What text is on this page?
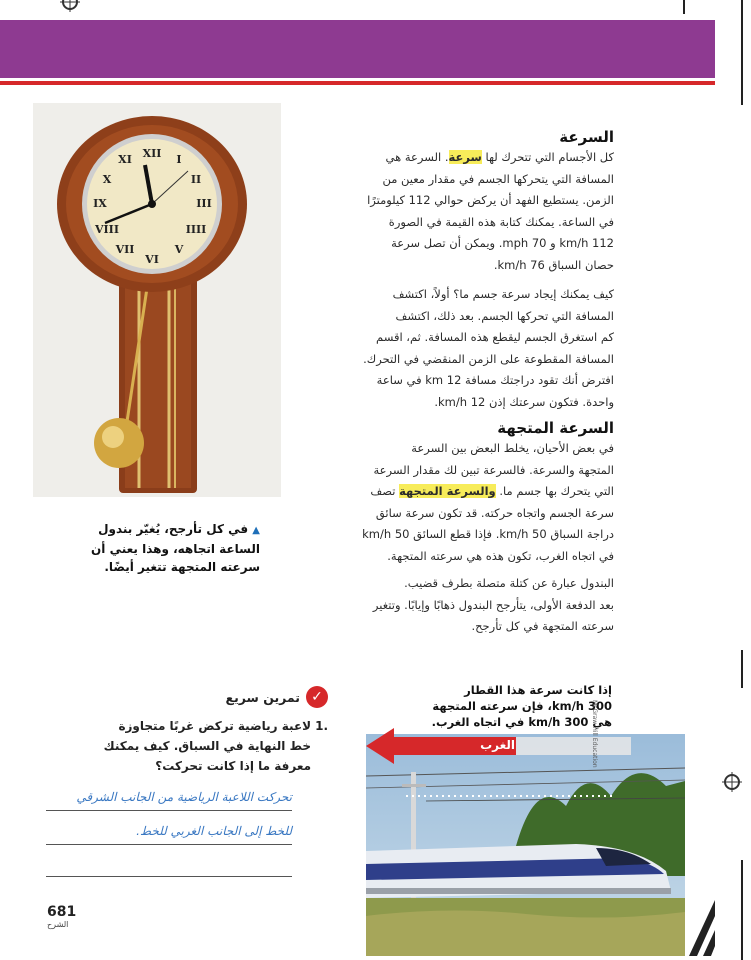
XII I
II
III
IIII
V
VI
VII
VIII
IX
X
XI
▲ في كل تأرجح، يُغيّر بندول
الساعة اتجاهه، وهذا يعني أن
سرعته المتجهة تتغير أيضًا.
السرعة
كل الأجسام التي تتحرك لها سرعة. السرعة هي
المسافة التي يتحركها الجسم في مقدار معين من
الزمن. يستطيع الفهد أن يركض حوالي 112 كيلومترًا
في الساعة. يمكنك كتابة هذه القيمة في الصورة
112 km/h و 70 mph. ويمكن أن تصل سرعة
حصان السباق 76 km/h.
كيف يمكنك إيجاد سرعة جسم ما؟ أولاً، اكتشف
المسافة التي تحركها الجسم. بعد ذلك، اكتشف
كم استغرق الجسم ليقطع هذه المسافة. ثم، اقسم
المسافة المقطوعة على الزمن المنقضي في التحرك.
افترض أنك تقود دراجتك مسافة 12 km في ساعة
واحدة. فتكون سرعتك إذن 12 km/h.
السرعة المتجهة
في بعض الأحيان، يخلط البعض بين السرعة
المتجهة والسرعة. فالسرعة تبين لك مقدار السرعة
التي يتحرك بها جسم ما. والسرعة المتجهة تصف
سرعة الجسم واتجاه حركته. قد تكون سرعة سائق
دراجة السباق 50 km/h. فإذا قطع السائق 50 km/h
في اتجاه الغرب، تكون هذه هي سرعته المتجهة.
البندول عبارة عن كتلة متصلة بطرف قضيب.
بعد الدفعة الأولى، يتأرجح البندول ذهابًا وإيابًا. وتتغير
سرعته المتجهة في كل تأرجح.
✓
تمرين سريع
.1
لاعبة رياضية تركض غربًا متجاوزة
خط النهاية في السباق. كيف يمكنك
معرفة ما إذا كانت تحركت؟
تحركت اللاعبة الرياضية من الجانب الشرقي
للخط إلى الجانب الغربي للخط.
إذا كانت سرعة هذا القطار
300 km/h، فإن سرعته المتجهة
هي 300 km/h في اتجاه الغرب.
الغرب	McGraw-Hill Education
681
الشرح
